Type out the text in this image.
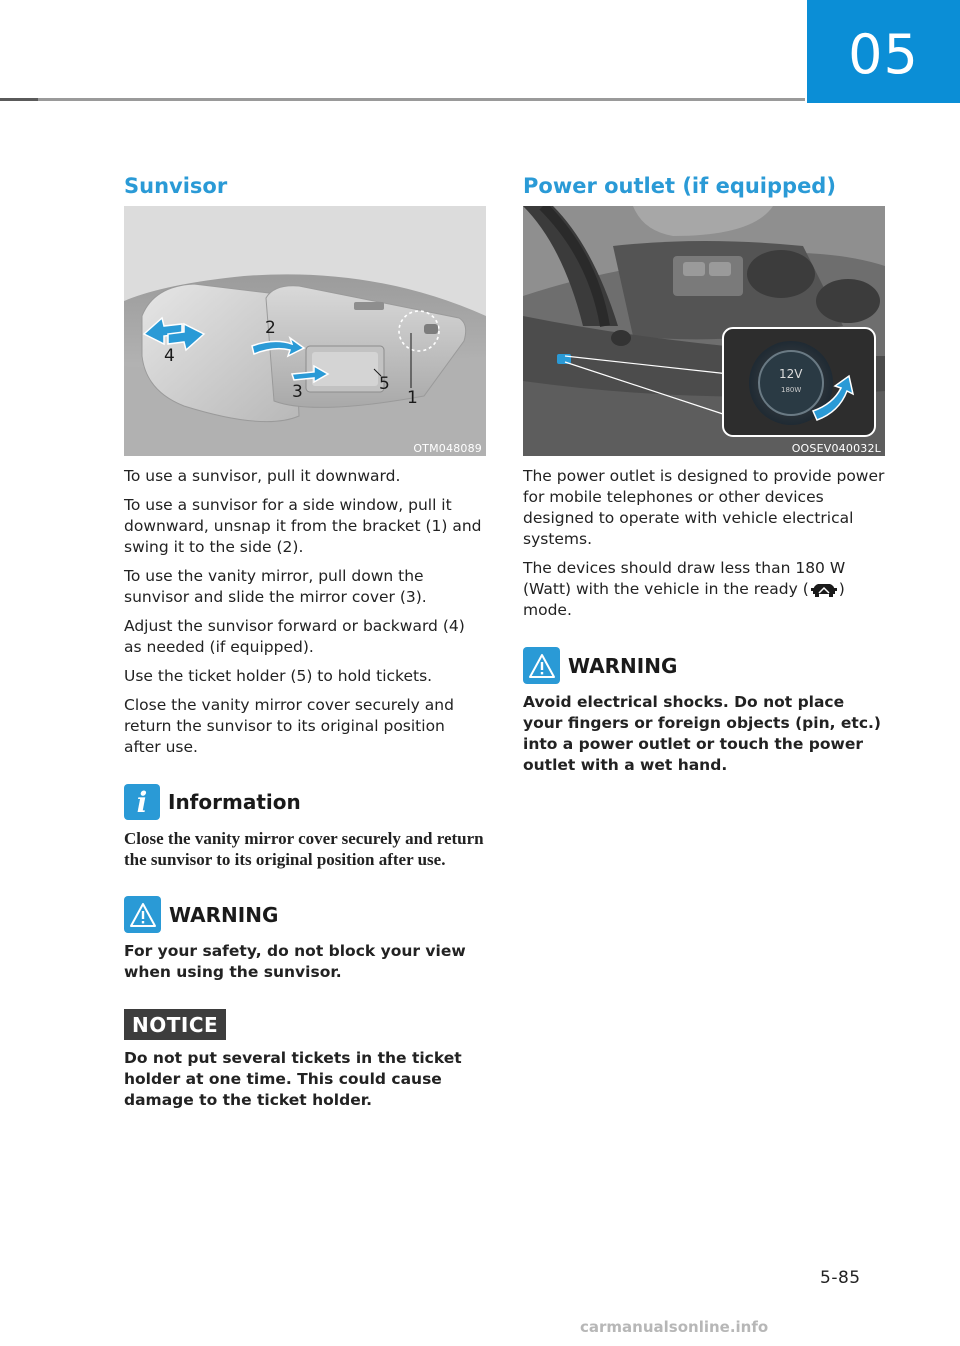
05
Sunvisor
1
2
3
4
5
OTM048089

To use a sunvisor, pull it downward.

To use a sunvisor for a side window, pull it downward, unsnap it from the bracket (1) and swing it to the side (2).

To use the vanity mirror, pull down the sunvisor and slide the mirror cover (3).

Adjust the sunvisor forward or backward (4) as needed (if equipped).

Use the ticket holder (5) to hold tickets.

Close the vanity mirror cover securely and return the sunvisor to its original position after use.

i	Information

Close the vanity mirror cover securely and return the sunvisor to its original position after use.

WARNING

For your safety, do not block your view when using the sunvisor.

NOTICE

Do not put several tickets in the ticket holder at one time. This could cause damage to the ticket holder.

Power outlet (if equipped)
12V
180W
OOSEV040032L

The power outlet is designed to provide power for mobile telephones or other devices designed to operate with vehicle electrical systems.

The devices should draw less than 180 W (Watt) with the vehicle in the ready ( ) mode.

WARNING

Avoid electrical shocks. Do not place your fingers or foreign objects (pin, etc.) into a power outlet or touch the power outlet with a wet hand.

5-85
carmanualsonline.info
